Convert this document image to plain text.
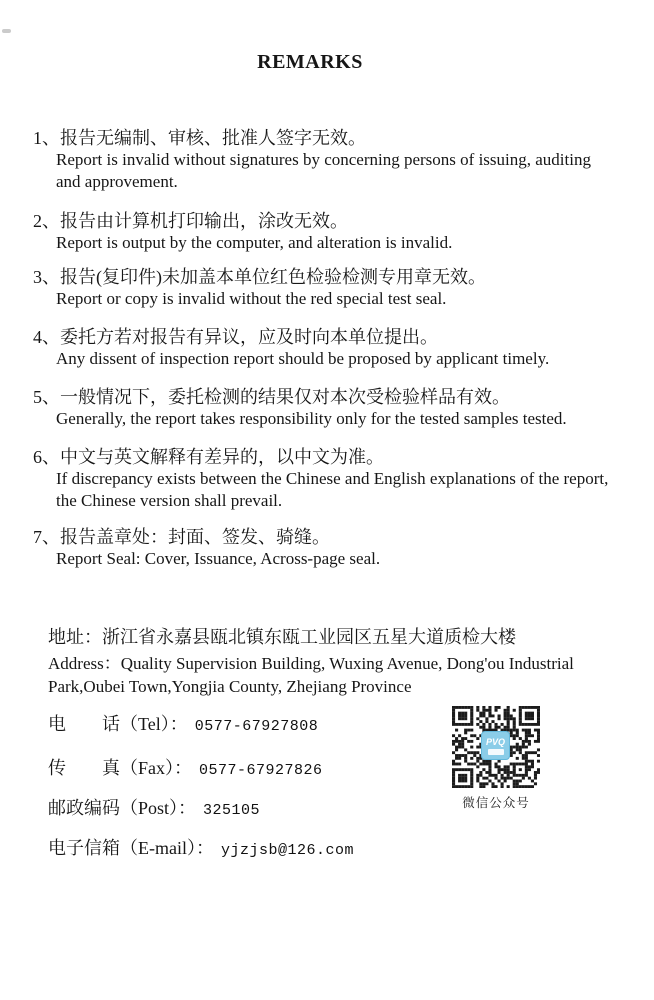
REMARKS
1、 报告无编制、审核、批准人签字无效。
Report is invalid without signatures by concerning persons of issuing, auditing and approvement.
2、 报告由计算机打印输出，涂改无效。
Report is output by the computer, and alteration is invalid.
3、 报告(复印件)未加盖本单位红色检验检测专用章无效。
Report or copy is invalid without the red special test seal.
4、 委托方若对报告有异议，应及时向本单位提出。
Any dissent of inspection report should be proposed by applicant timely.
5、 一般情况下，委托检测的结果仅对本次受检验样品有效。
Generally, the report takes responsibility only for the tested samples tested.
6、 中文与英文解释有差异的，以中文为准。
If discrepancy exists between the Chinese and English explanations of the report, the Chinese version shall prevail.
7、 报告盖章处：封面、签发、骑缝。
Report Seal: Cover, Issuance, Across-page seal.
地址：浙江省永嘉县瓯北镇东瓯工业园区五星大道质检大楼
Address：Quality Supervision Building, Wuxing Avenue, Dong'ou Industrial Park,Oubei Town,Yongjia County, Zhejiang Province
电        话（Tel）： 0577-67927808
传        真（Fax）： 0577-67927826
邮政编码（Post）： 325105
电子信箱（E-mail）： yjzjsb@126.com
PVQ
微信公众号
